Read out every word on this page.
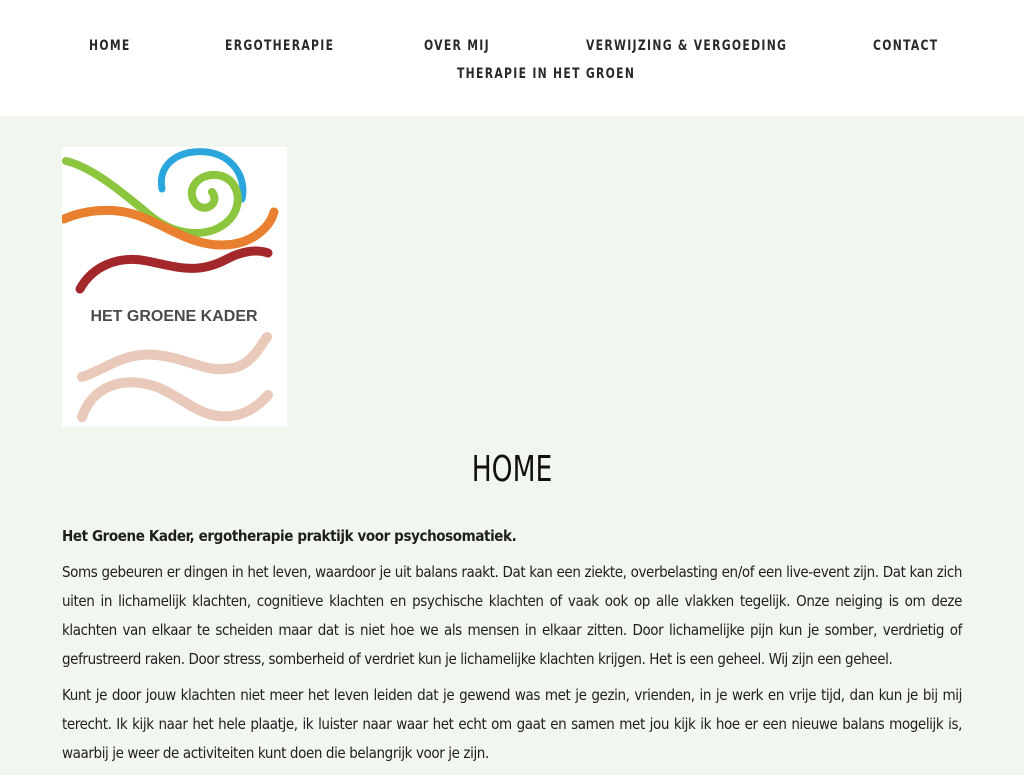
HOME	ERGOTHERAPIE	OVER MIJ	VERWIJZING & VERGOEDING	CONTACT
THERAPIE IN HET GROEN
HET GROENE KADER
HOME

Het Groene Kader, ergotherapie praktijk voor psychosomatiek.

Soms gebeuren er dingen in het leven, waardoor je uit balans raakt. Dat kan een ziekte, overbelasting en/of een live-event zijn. Dat kan zich uiten in lichamelijk klachten, cognitieve klachten en psychische klachten of vaak ook op alle vlakken tegelijk. Onze neiging is om deze klachten van elkaar te scheiden maar dat is niet hoe we als mensen in elkaar zitten. Door lichamelijke pijn kun je somber, verdrietig of gefrustreerd raken. Door stress, somberheid of verdriet kun je lichamelijke klachten krijgen. Het is een geheel. Wij zijn een geheel.

Kunt je door jouw klachten niet meer het leven leiden dat je gewend was met je gezin, vrienden, in je werk en vrije tijd, dan kun je bij mij terecht. Ik kijk naar het hele plaatje, ik luister naar waar het echt om gaat en samen met jou kijk ik hoe er een nieuwe balans mogelijk is, waarbij je weer de activiteiten kunt doen die belangrijk voor je zijn.
